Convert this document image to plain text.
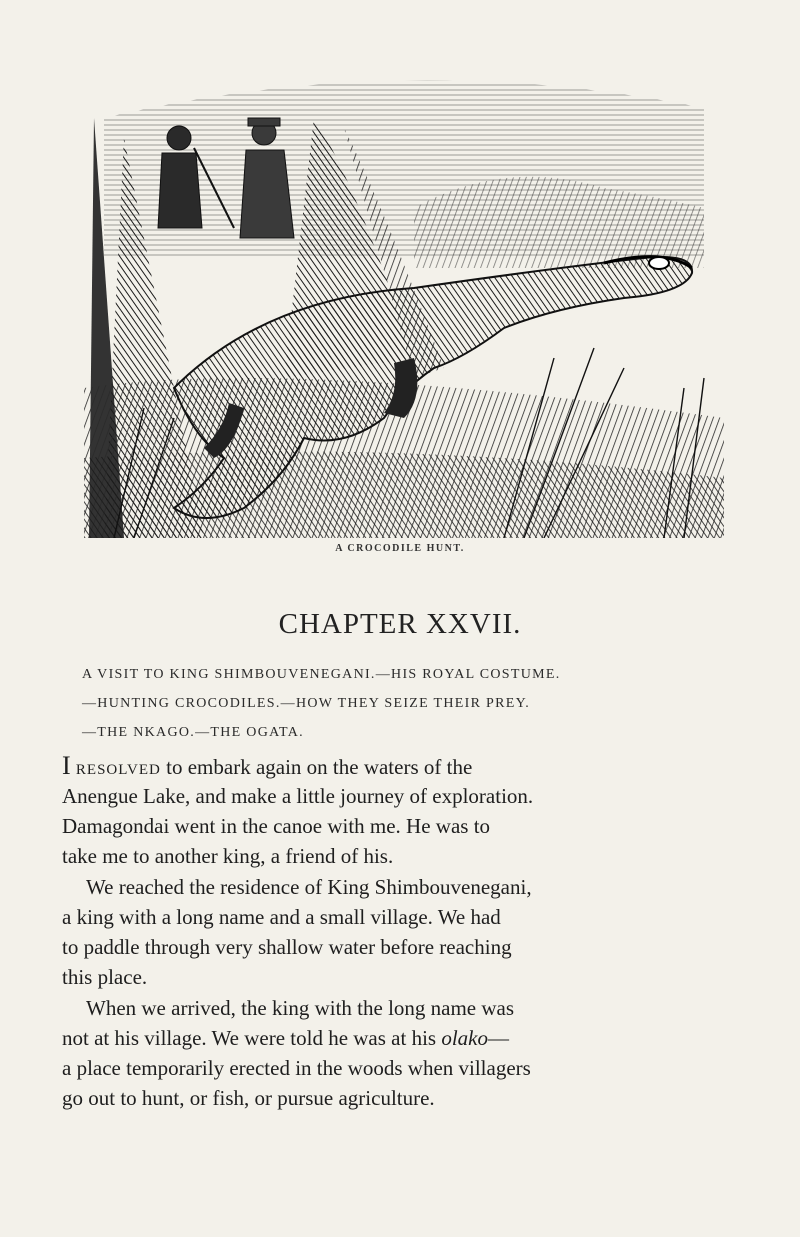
A CROCODILE HUNT.
CHAPTER XXVII.
A VISIT TO KING SHIMBOUVENEGANI.—HIS ROYAL COSTUME.
—HUNTING CROCODILES.—HOW THEY SEIZE THEIR PREY.
—THE NKAGO.—THE OGATA.
I resolved to embark again on the waters of the
Anengue Lake, and make a little journey of exploration.
Damagondai went in the canoe with me. He was to
take me to another king, a friend of his.
We reached the residence of King Shimbouvenegani,
a king with a long name and a small village. We had
to paddle through very shallow water before reaching
this place.
When we arrived, the king with the long name was
not at his village. We were told he was at his olako—
a place temporarily erected in the woods when villagers
go out to hunt, or fish, or pursue agriculture.
